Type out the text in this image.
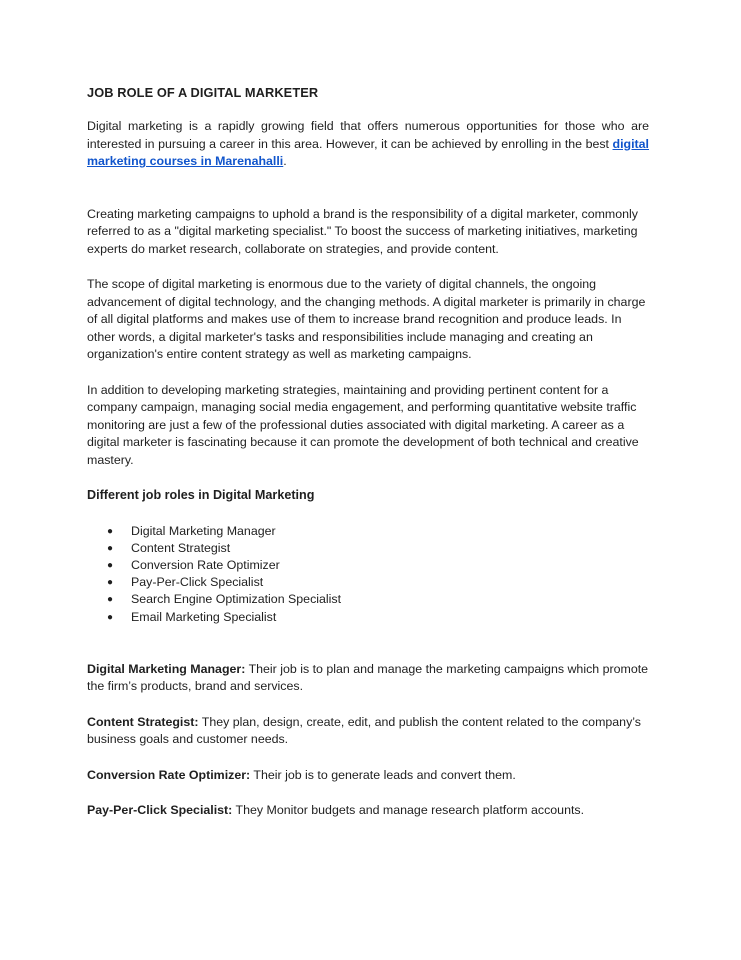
JOB ROLE OF A DIGITAL MARKETER

Digital marketing is a rapidly growing field that offers numerous opportunities for those who are interested in pursuing a career in this area. However, it can be achieved by enrolling in the best digital marketing courses in Marenahalli.

Creating marketing campaigns to uphold a brand is the responsibility of a digital marketer, commonly referred to as a "digital marketing specialist." To boost the success of marketing initiatives, marketing experts do market research, collaborate on strategies, and provide content.

The scope of digital marketing is enormous due to the variety of digital channels, the ongoing advancement of digital technology, and the changing methods. A digital marketer is primarily in charge of all digital platforms and makes use of them to increase brand recognition and produce leads. In other words, a digital marketer's tasks and responsibilities include managing and creating an organization's entire content strategy as well as marketing campaigns.

In addition to developing marketing strategies, maintaining and providing pertinent content for a company campaign, managing social media engagement, and performing quantitative website traffic monitoring are just a few of the professional duties associated with digital marketing. A career as a digital marketer is fascinating because it can promote the development of both technical and creative mastery.

Different job roles in Digital Marketing

● Digital Marketing Manager
● Content Strategist
● Conversion Rate Optimizer
● Pay-Per-Click Specialist
● Search Engine Optimization Specialist
● Email Marketing Specialist

Digital Marketing Manager: Their job is to plan and manage the marketing campaigns which promote the firm’s products, brand and services.

Content Strategist: They plan, design, create, edit, and publish the content related to the company’s business goals and customer needs.

Conversion Rate Optimizer: Their job is to generate leads and convert them.

Pay-Per-Click Specialist: They Monitor budgets and manage research platform accounts.
